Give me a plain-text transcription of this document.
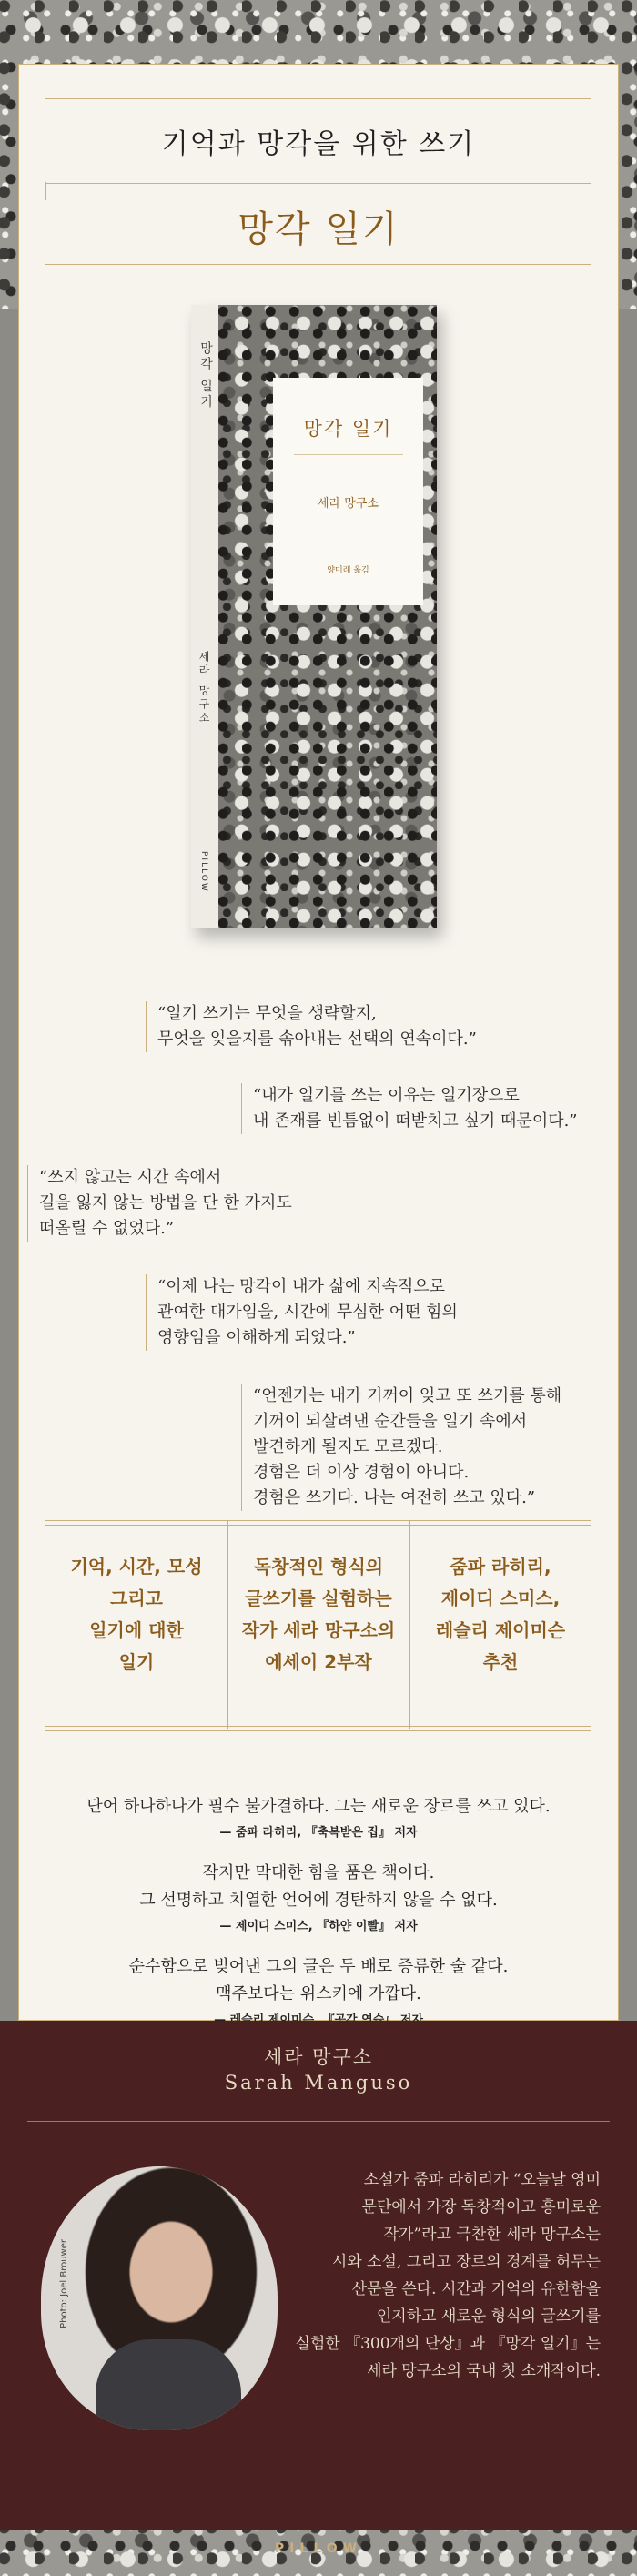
기억과 망각을 위한 쓰기
망각 일기
망각 일기
세라 망구소
PILLOW
망각 일기
세라 망구소
양미래 옮김
“일기 쓰기는 무엇을 생략할지,
무엇을 잊을지를 솎아내는 선택의 연속이다.”
“내가 일기를 쓰는 이유는 일기장으로
내 존재를 빈틈없이 떠받치고 싶기 때문이다.”
“쓰지 않고는 시간 속에서
길을 잃지 않는 방법을 단 한 가지도
떠올릴 수 없었다.”
“이제 나는 망각이 내가 삶에 지속적으로
관여한 대가임을, 시간에 무심한 어떤 힘의
영향임을 이해하게 되었다.”
“언젠가는 내가 기꺼이 잊고 또 쓰기를 통해
기꺼이 되살려낸 순간들을 일기 속에서
발견하게 될지도 모르겠다.
경험은 더 이상 경험이 아니다.
경험은 쓰기다. 나는 여전히 쓰고 있다.”
기억, 시간, 모성
그리고
일기에 대한
일기
독창적인 형식의
글쓰기를 실험하는
작가 세라 망구소의
에세이 2부작
줌파 라히리,
제이디 스미스,
레슬리 제이미슨
추천
단어 하나하나가 필수 불가결하다. 그는 새로운 장르를 쓰고 있다.
— 줌파 라히리, 『축복받은 집』 저자
작지만 막대한 힘을 품은 책이다.
그 선명하고 치열한 언어에 경탄하지 않을 수 없다.
— 제이디 스미스, 『하얀 이빨』 저자
순수함으로 빚어낸 그의 글은 두 배로 증류한 술 같다.
맥주보다는 위스키에 가깝다.
세라 망구소
Sarah Manguso
Photo: Joel Brouwer
소설가 줌파 라히리가 “오늘날 영미
문단에서 가장 독창적이고 흥미로운
작가”라고 극찬한 세라 망구소는
시와 소설, 그리고 장르의 경계를 허무는
산문을 쓴다. 시간과 기억의 유한함을
인지하고 새로운 형식의 글쓰기를
실험한 『300개의 단상』과 『망각 일기』는
세라 망구소의 국내 첫 소개작이다.
PILLOW
